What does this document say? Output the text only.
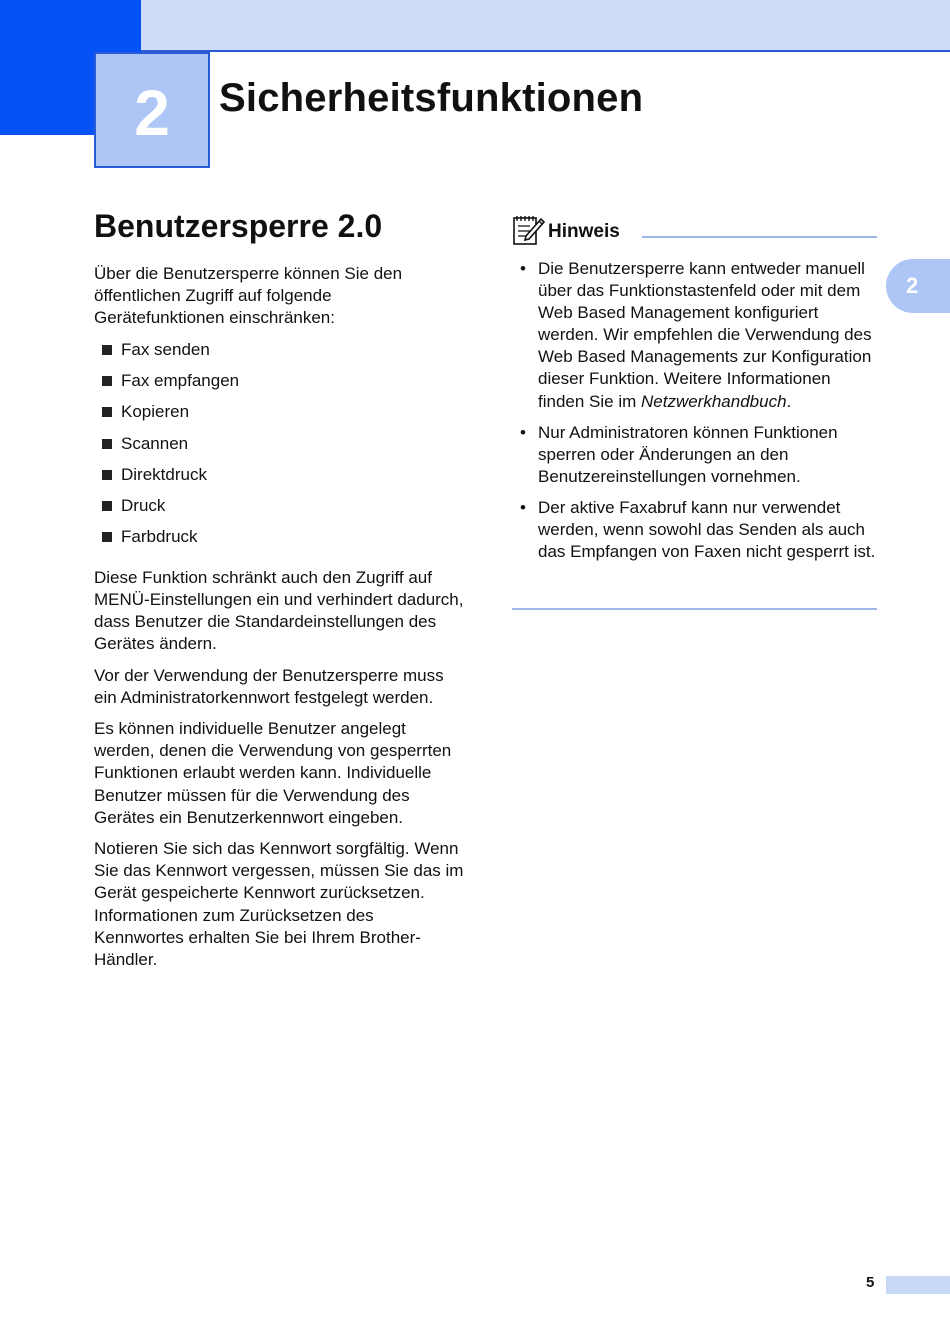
2 Sicherheitsfunktionen
2
Benutzersperre 2.0

Über die Benutzersperre können Sie den öffentlichen Zugriff auf folgende Gerätefunktionen einschränken:

Fax senden
Fax empfangen
Kopieren
Scannen
Direktdruck
Druck
Farbdruck

Diese Funktion schränkt auch den Zugriff auf MENÜ-Einstellungen ein und verhindert dadurch, dass Benutzer die Standardeinstellungen des Gerätes ändern.

Vor der Verwendung der Benutzersperre muss ein Administratorkennwort festgelegt werden.

Es können individuelle Benutzer angelegt werden, denen die Verwendung von gesperrten Funktionen erlaubt werden kann. Individuelle Benutzer müssen für die Verwendung des Gerätes ein Benutzerkennwort eingeben.

Notieren Sie sich das Kennwort sorgfältig. Wenn Sie das Kennwort vergessen, müssen Sie das im Gerät gespeicherte Kennwort zurücksetzen. Informationen zum Zurücksetzen des Kennwortes erhalten Sie bei Ihrem Brother-Händler.

Hinweis
• Die Benutzersperre kann entweder manuell über das Funktionstastenfeld oder mit dem Web Based Management konfiguriert werden. Wir empfehlen die Verwendung des Web Based Managements zur Konfiguration dieser Funktion. Weitere Informationen finden Sie im Netzwerkhandbuch.
• Nur Administratoren können Funktionen sperren oder Änderungen an den Benutzereinstellungen vornehmen.
• Der aktive Faxabruf kann nur verwendet werden, wenn sowohl das Senden als auch das Empfangen von Faxen nicht gesperrt ist.
5
